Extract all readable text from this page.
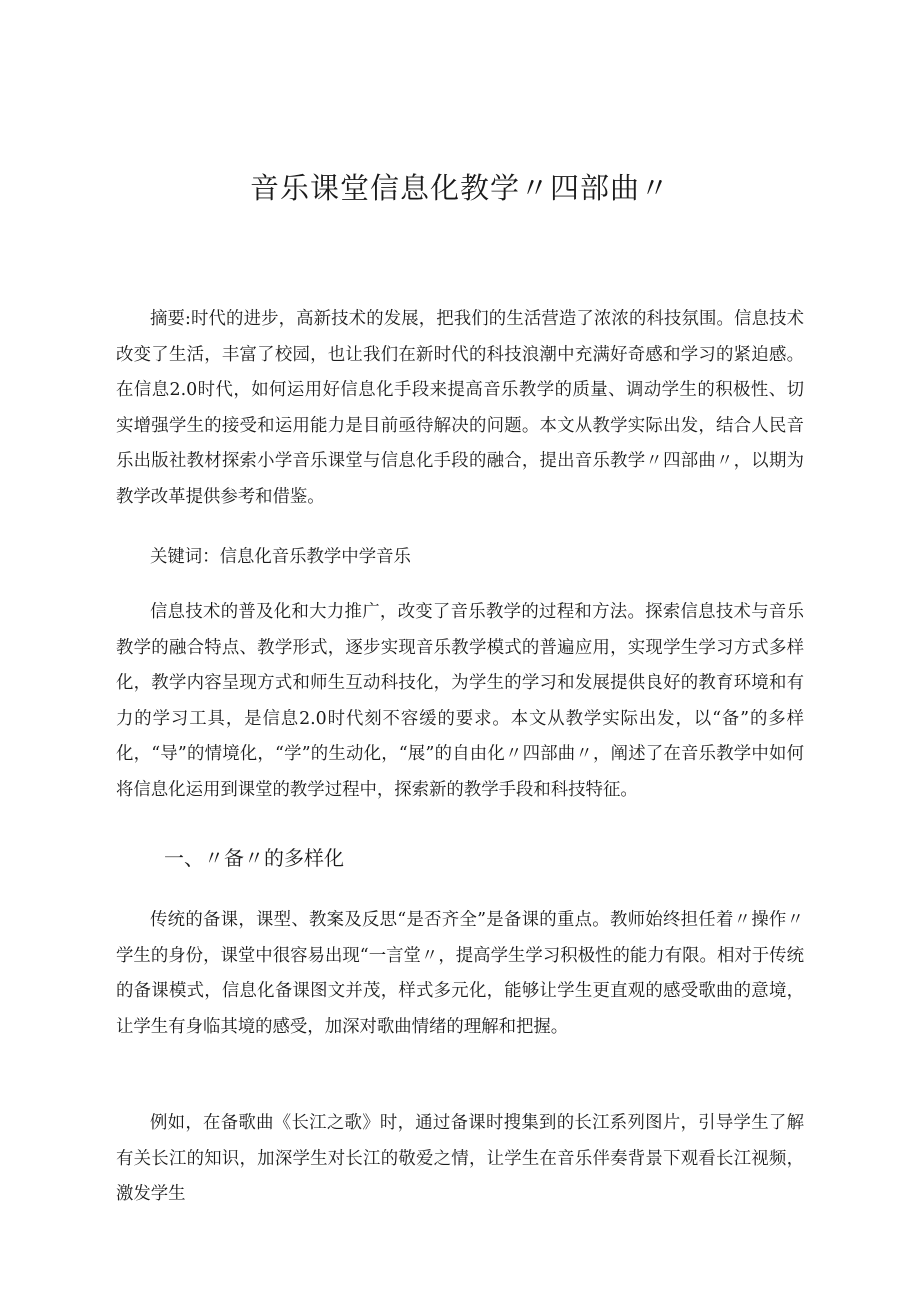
音乐课堂信息化教学〃四部曲〃

摘要:时代的进步，高新技术的发展，把我们的生活营造了浓浓的科技氛围。信息技术改变了生活，丰富了校园，也让我们在新时代的科技浪潮中充满好奇感和学习的紧迫感。在信息2.0时代，如何运用好信息化手段来提高音乐教学的质量、调动学生的积极性、切实增强学生的接受和运用能力是目前亟待解决的问题。本文从教学实际出发，结合人民音乐出版社教材探索小学音乐课堂与信息化手段的融合，提出音乐教学〃四部曲〃，以期为教学改革提供参考和借鉴。

关键词：信息化音乐教学中学音乐

信息技术的普及化和大力推广，改变了音乐教学的过程和方法。探索信息技术与音乐教学的融合特点、教学形式，逐步实现音乐教学模式的普遍应用，实现学生学习方式多样化，教学内容呈现方式和师生互动科技化，为学生的学习和发展提供良好的教育环境和有力的学习工具，是信息2.0时代刻不容缓的要求。本文从教学实际出发，以“备”的多样化，“导”的情境化，“学”的生动化，“展”的自由化〃四部曲〃，阐述了在音乐教学中如何将信息化运用到课堂的教学过程中，探索新的教学手段和科技特征。

一、〃备〃的多样化

传统的备课，课型、教案及反思“是否齐全”是备课的重点。教师始终担任着〃操作〃学生的身份，课堂中很容易出现“一言堂〃，提高学生学习积极性的能力有限。相对于传统的备课模式，信息化备课图文并茂，样式多元化，能够让学生更直观的感受歌曲的意境，让学生有身临其境的感受，加深对歌曲情绪的理解和把握。

例如，在备歌曲《长江之歌》时，通过备课时搜集到的长江系列图片，引导学生了解有关长江的知识，加深学生对长江的敬爱之情，让学生在音乐伴奏背景下观看长江视频，激发学生
